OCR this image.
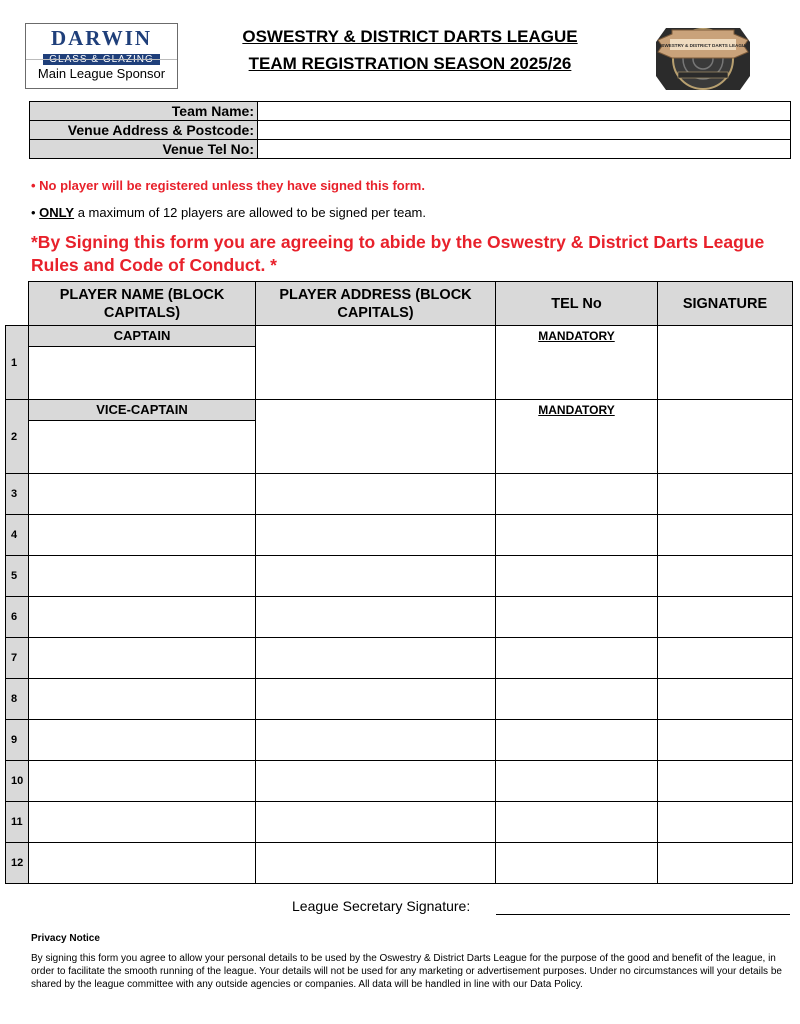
DARWIN
GLASS & GLAZING
Main League Sponsor
OSWESTRY & DISTRICT DARTS LEAGUE
TEAM REGISTRATION SEASON 2025/26
OSWESTRY & DISTRICT DARTS LEAGUE
Team Name:	
Venue Address & Postcode:	
Venue Tel No:	
• No player will be registered unless they have signed this form.
• ONLY a maximum of 12 players are allowed to be signed per team.
*By Signing this form you are agreeing to abide by the Oswestry & District Darts League Rules and Code of Conduct. *
	PLAYER NAME (BLOCK CAPITALS)	PLAYER ADDRESS (BLOCK CAPITALS)	TEL No	SIGNATURE
1	CAPTAIN		MANDATORY	

2	VICE-CAPTAIN		MANDATORY	

3				
4				
5				
6				
7				
8				
9				
10				
11				
12				
League Secretary Signature:
Privacy Notice
By signing this form you agree to allow your personal details to be used by the Oswestry & District Darts League for the purpose of the good and benefit of the league, in order to facilitate the smooth running of the league. Your details will not be used for any marketing or advertisement purposes. Under no circumstances will your details be shared by the league committee with any outside agencies or companies. All data will be handled in line with our Data Policy.
